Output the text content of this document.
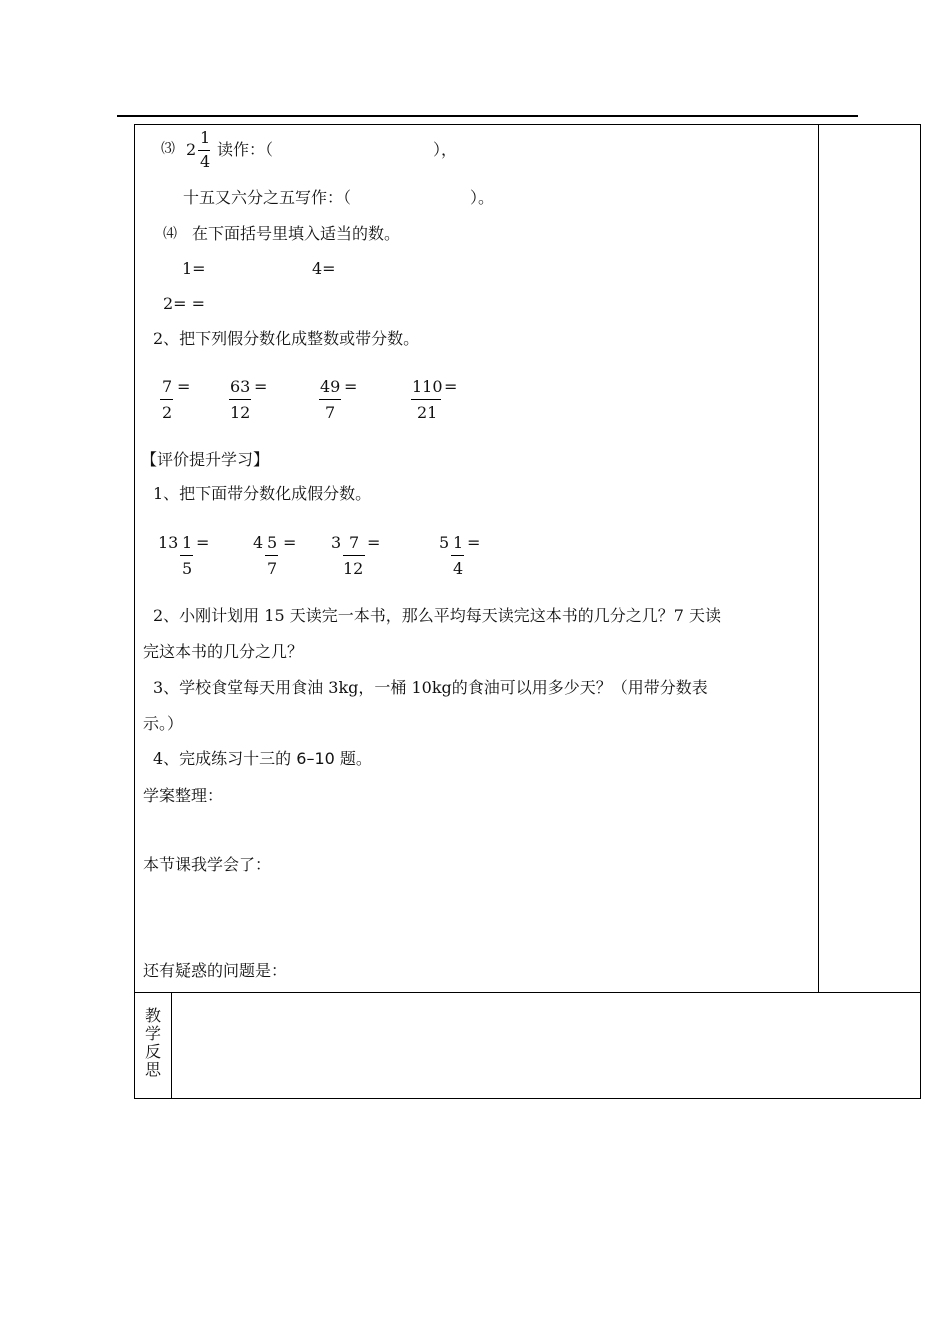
⑶ 2
1
4
读作：（	），
十五又六分之五写作：（	）。
⑷ 在下面括号里填入适当的数。
1=	4=
2= =
2、把下列假分数化成整数或带分数。
7 =
2
63 =
12
49 =
7
110 =
21
【评价提升学习】
1、把下面带分数化成假分数。
13 1 =
5
4 5 =
7
3 7 =
12
5 1 =
4
2、小刚计划用 15 天读完一本书，那么平均每天读完这本书的几分之几？7 天读
完这本书的几分之几？
3、学校食堂每天用食油 3kg，一桶 10kg的食油可以用多少天？（用带分数表
示。）
4、完成练习十三的 6–10 题。
学案整理：
本节课我学会了：
还有疑惑的问题是：
教
学
反
思
